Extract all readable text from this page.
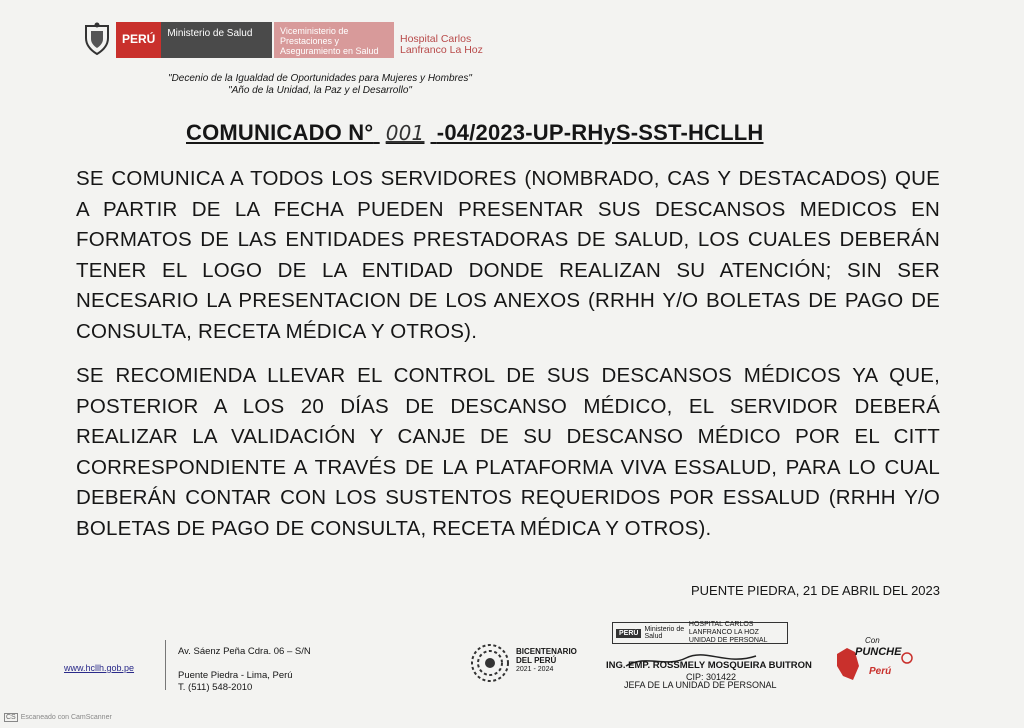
PERÚ	Ministerio de Salud	Viceministerio de Prestaciones y Aseguramiento en Salud
Hospital Carlos Lanfranco La Hoz
"Decenio de la Igualdad de Oportunidades para Mujeres y Hombres"
"Año de la Unidad, la Paz y el Desarrollo"
COMUNICADO N° 001 -04/2023-UP-RHyS-SST-HCLLH
SE COMUNICA A TODOS LOS SERVIDORES (NOMBRADO, CAS Y DESTACADOS) QUE A PARTIR DE LA FECHA PUEDEN PRESENTAR SUS DESCANSOS MEDICOS EN FORMATOS DE LAS ENTIDADES PRESTADORAS DE SALUD, LOS CUALES DEBERÁN TENER EL LOGO DE LA ENTIDAD DONDE REALIZAN SU ATENCIÓN; SIN SER NECESARIO LA PRESENTACION DE LOS ANEXOS (RRHH Y/O BOLETAS DE PAGO DE CONSULTA, RECETA MÉDICA Y OTROS).
SE RECOMIENDA LLEVAR EL CONTROL DE SUS DESCANSOS MÉDICOS YA QUE, POSTERIOR A LOS 20 DÍAS DE DESCANSO MÉDICO, EL SERVIDOR DEBERÁ REALIZAR LA VALIDACIÓN Y CANJE DE SU DESCANSO MÉDICO POR EL CITT CORRESPONDIENTE A TRAVÉS DE LA PLATAFORMA VIVA ESSALUD, PARA LO CUAL DEBERÁN CONTAR CON LOS SUSTENTOS REQUERIDOS POR ESSALUD (RRHH Y/O BOLETAS DE PAGO DE CONSULTA, RECETA MÉDICA Y OTROS).
PUENTE PIEDRA, 21 DE ABRIL DEL 2023
www.hcllh.gob.pe
Av. Sáenz Peña Cdra. 06 – S/N
Puente Piedra - Lima, Perú
T. (511) 548-2010
BICENTENARIO
DEL PERÚ
2021 - 2024
PERÚ Ministerio de Salud
HOSPITAL CARLOS LANFRANCO LA HOZ
UNIDAD DE PERSONAL
ING. EMP. ROSSMELY MOSQUEIRA BUITRON
CIP: 301422
JEFA DE LA UNIDAD DE PERSONAL
Con
PUNCHE
Perú
CS Escaneado con CamScanner
